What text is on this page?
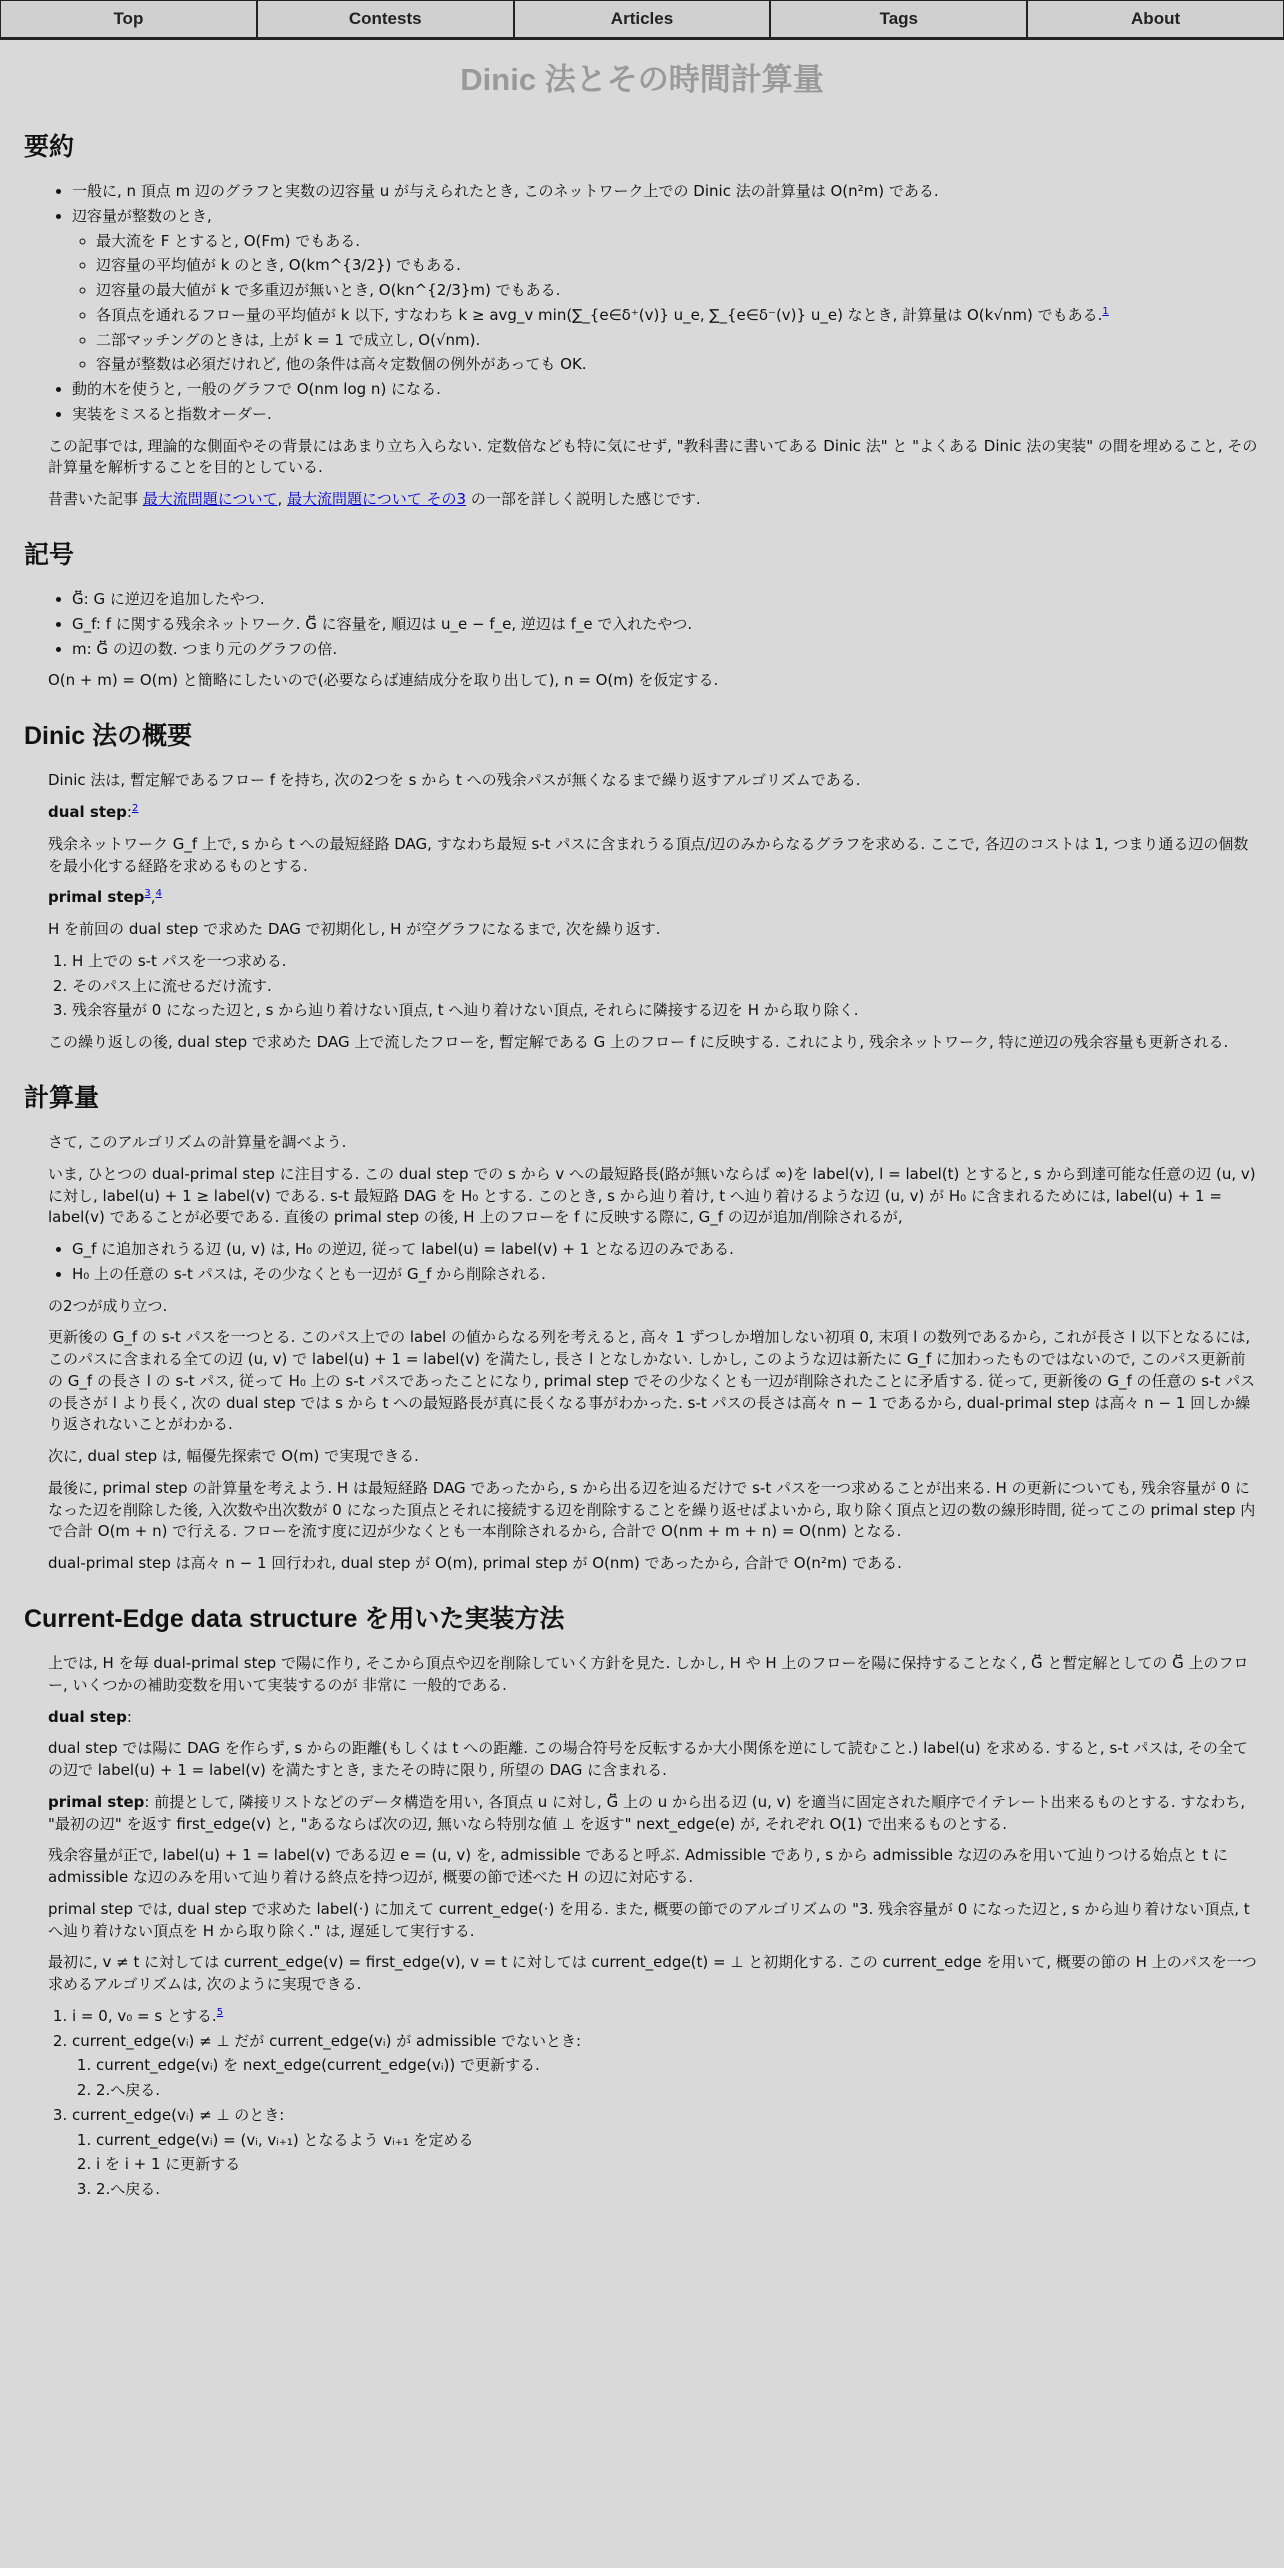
Top	Contests	Articles	Tags	About
Dinic 法とその時間計算量
要約
• 一般に, n 頂点 m 辺のグラフと実数の辺容量 u が与えられたとき, このネットワーク上での Dinic 法の計算量は O(n²m) である.
• 辺容量が整数のとき,
◦ 最大流を F とすると, O(Fm) でもある.
◦ 辺容量の平均値が k のとき, O(km^{3/2}) でもある.
◦ 辺容量の最大値が k で多重辺が無いとき, O(kn^{2/3}m) でもある.
◦ 各頂点を通れるフロー量の平均値が k 以下, すなわち k ≥ avg_v min(∑_{e∈δ⁺(v)} u_e, ∑_{e∈δ⁻(v)} u_e) なとき, 計算量は O(k√nm) でもある.$^1$
◦ 二部マッチングのときは, 上が k = 1 で成立し, O(√nm).
◦ 容量が整数は必須だけれど, 他の条件は高々定数個の例外があっても OK.
• 動的木を使うと, 一般のグラフで O(nm log n) になる.
• 実装をミスると指数オーダー.

この記事では, 理論的な側面やその背景にはあまり立ち入らない. 定数倍なども特に気にせず, "教科書に書いてある Dinic 法" と "よくある Dinic 法の実装" の間を埋めること, その計算量を解析することを目的としている.

昔書いた記事 最大流問題について, 最大流問題について その3 の一部を詳しく説明した感じです.

記号
• G⃡: G に逆辺を追加したやつ.
• G_f: f に関する残余ネットワーク. G⃡ に容量を, 順辺は u_e − f_e, 逆辺は f_e で入れたやつ.
• m: G⃡ の辺の数. つまり元のグラフの倍.

O(n + m) = O(m) と簡略にしたいので(必要ならば連結成分を取り出して), n = O(m) を仮定する.

Dinic 法の概要

Dinic 法は, 暫定解であるフロー f を持ち, 次の2つを s から t への残余パスが無くなるまで繰り返すアルゴリズムである.

dual step:$^2$

残余ネットワーク G_f 上で, s から t への最短経路 DAG, すなわち最短 s-t パスに含まれうる頂点/辺のみからなるグラフを求める. ここで, 各辺のコストは 1, つまり通る辺の個数を最小化する経路を求めるものとする.

primal step$^3$,$^4$

H を前回の dual step で求めた DAG で初期化し, H が空グラフになるまで, 次を繰り返す.

1. H 上での s-t パスを一つ求める.
2. そのパス上に流せるだけ流す.
3. 残余容量が 0 になった辺と, s から辿り着けない頂点, t へ辿り着けない頂点, それらに隣接する辺を H から取り除く.

この繰り返しの後, dual step で求めた DAG 上で流したフローを, 暫定解である G 上のフロー f に反映する. これにより, 残余ネットワーク, 特に逆辺の残余容量も更新される.

計算量

さて, このアルゴリズムの計算量を調べよう.

いま, ひとつの dual-primal step に注目する. この dual step での s から v への最短路長(路が無いならば ∞)を label(v), l = label(t) とすると, s から到達可能な任意の辺 (u, v) に対し, label(u) + 1 ≥ label(v) である. s-t 最短路 DAG を H₀ とする. このとき, s から辿り着け, t へ辿り着けるような辺 (u, v) が H₀ に含まれるためには, label(u) + 1 = label(v) であることが必要である. 直後の primal step の後, H 上のフローを f に反映する際に, G_f の辺が追加/削除されるが,

• G_f に追加されうる辺 (u, v) は, H₀ の逆辺, 従って label(u) = label(v) + 1 となる辺のみである.
• H₀ 上の任意の s-t パスは, その少なくとも一辺が G_f から削除される.

の2つが成り立つ.

更新後の G_f の s-t パスを一つとる. このパス上での label の値からなる列を考えると, 高々 1 ずつしか増加しない初項 0, 末項 l の数列であるから, これが長さ l 以下となるには, このパスに含まれる全ての辺 (u, v) で label(u) + 1 = label(v) を満たし, 長さ l となしかない. しかし, このような辺は新たに G_f に加わったものではないので, このパス更新前の G_f の長さ l の s-t パス, 従って H₀ 上の s-t パスであったことになり, primal step でその少なくとも一辺が削除されたことに矛盾する. 従って, 更新後の G_f の任意の s-t パスの長さが l より長く, 次の dual step では s から t への最短路長が真に長くなる事がわかった. s-t パスの長さは高々 n − 1 であるから, dual-primal step は高々 n − 1 回しか繰り返されないことがわかる.

次に, dual step は, 幅優先探索で O(m) で実現できる.

最後に, primal step の計算量を考えよう. H は最短経路 DAG であったから, s から出る辺を辿るだけで s-t パスを一つ求めることが出来る. H の更新についても, 残余容量が 0 になった辺を削除した後, 入次数や出次数が 0 になった頂点とそれに接続する辺を削除することを繰り返せばよいから, 取り除く頂点と辺の数の線形時間, 従ってこの primal step 内で合計 O(m + n) で行える. フローを流す度に辺が少なくとも一本削除されるから, 合計で O(nm + m + n) = O(nm) となる.

dual-primal step は高々 n − 1 回行われ, dual step が O(m), primal step が O(nm) であったから, 合計で O(n²m) である.

Current-Edge data structure を用いた実装方法

上では, H を毎 dual-primal step で陽に作り, そこから頂点や辺を削除していく方針を見た. しかし, H や H 上のフローを陽に保持することなく, G⃡ と暫定解としての G⃡ 上のフロー, いくつかの補助変数を用いて実装するのが 非常に 一般的である.

dual step:

dual step では陽に DAG を作らず, s からの距離(もしくは t への距離. この場合符号を反転するか大小関係を逆にして読むこと.) label(u) を求める. すると, s-t パスは, その全ての辺で label(u) + 1 = label(v) を満たすとき, またその時に限り, 所望の DAG に含まれる.

primal step: 前提として, 隣接リストなどのデータ構造を用い, 各頂点 u に対し, G⃡ 上の u から出る辺 (u, v) を適当に固定された順序でイテレート出来るものとする. すなわち, "最初の辺" を返す first_edge(v) と, "あるならば次の辺, 無いなら特別な値 ⊥ を返す" next_edge(e) が, それぞれ O(1) で出来るものとする.

残余容量が正で, label(u) + 1 = label(v) である辺 e = (u, v) を, admissible であると呼ぶ. Admissible であり, s から admissible な辺のみを用いて辿りつける始点と t に admissible な辺のみを用いて辿り着ける終点を持つ辺が, 概要の節で述べた H の辺に対応する.

primal step では, dual step で求めた label(·) に加えて current_edge(·) を用る. また, 概要の節でのアルゴリズムの "3. 残余容量が 0 になった辺と, s から辿り着けない頂点, t へ辿り着けない頂点を H から取り除く." は, 遅延して実行する.

最初に, v ≠ t に対しては current_edge(v) = first_edge(v), v = t に対しては current_edge(t) = ⊥ と初期化する. この current_edge を用いて, 概要の節の H 上のパスを一つ求めるアルゴリズムは, 次のように実現できる.

1. i = 0, v₀ = s とする.$^5$
2. current_edge(vᵢ) ≠ ⊥ だが current_edge(vᵢ) が admissible でないとき:
1. current_edge(vᵢ) を next_edge(current_edge(vᵢ)) で更新する.
2. 2.へ戻る.
3. current_edge(vᵢ) ≠ ⊥ のとき:
1. current_edge(vᵢ) = (vᵢ, vᵢ₊₁) となるよう vᵢ₊₁ を定める
2. i を i + 1 に更新する
3. 2.へ戻る.
